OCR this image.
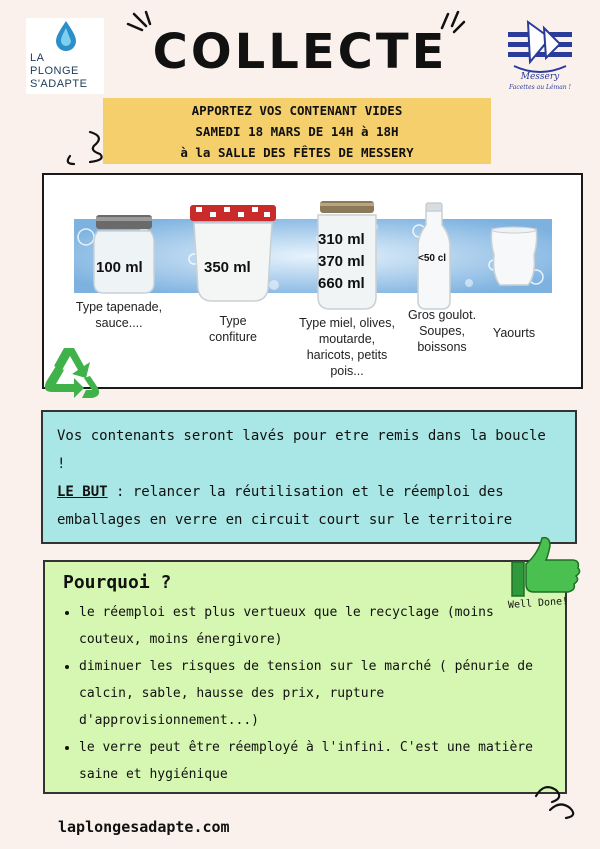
LA
PLONGE
S'ADAPTE
COLLECTE	Messery
Facettes au Léman !
APPORTEZ VOS CONTENANT VIDES
SAMEDI 18 MARS DE 14H à 18H
à la SALLE DES FÊTES DE MESSERY
100 ml	350 ml
310 ml
370 ml
660 ml
<50 cl
Type tapenade,
sauce....	Type
confiture
Type miel, olives,
moutarde,
haricots, petits
pois...
Gros goulot.
Soupes,
boissons
Yaourts

Vos contenants seront lavés pour etre remis dans la boucle !

LE BUT : relancer la réutilisation et le réemploi des emballages en verre en circuit court sur le territoire

Pourquoi ?
• le réemploi est plus vertueux que le recyclage (moins couteux, moins énergivore)
• diminuer les risques de tension sur le marché ( pénurie de calcin, sable, hausse des prix, rupture d'approvisionnement...)
• le verre peut être réemployé à l'infini. C'est une matière saine et hygiénique
Well Done!
laplongesadapte.com
